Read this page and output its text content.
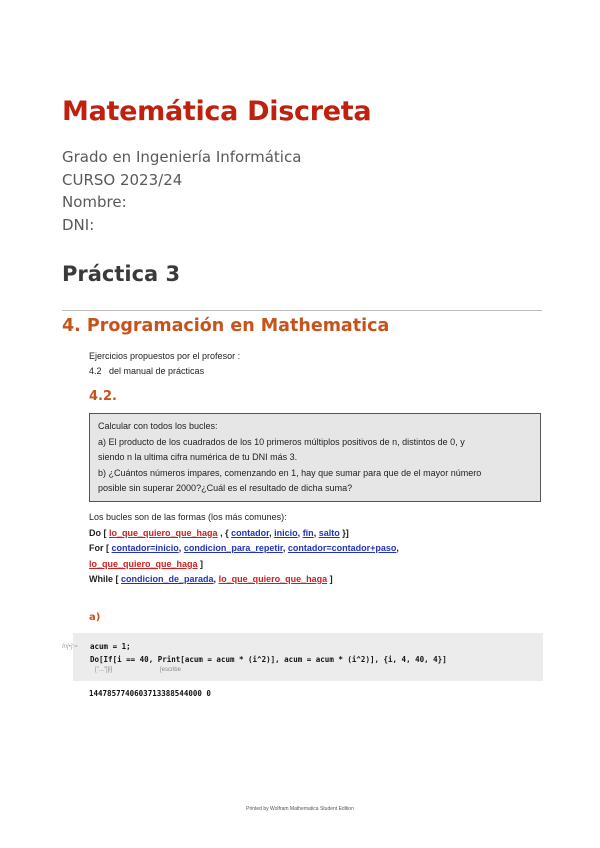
Matemática Discreta
Grado en Ingeniería Informática
CURSO 2023/24
Nombre:
DNI:
Práctica 3
4. Programación en Mathematica
Ejercicios propuestos por el profesor :
4.2   del manual de prácticas
4.2.
Calcular con todos los bucles:
a) El producto de los cuadrados de los 10 primeros múltiplos positivos de n, distintos de 0, y
siendo n la ultima cifra numérica de tu DNI más 3.
b) ¿Cuántos números impares, comenzando en 1, hay que sumar para que de el mayor número
posible sin superar 2000?¿Cuál es el resultado de dicha suma?
Los bucles son de las formas (los más comunes):
Do [ lo_que_quiero_que_haga , { contador, inicio, fin, salto }]
For [ contador=inicio, condicion_para_repetir, contador=contador+paso,
lo_que_quiero_que_haga ]
While [ condicion_de_parada, lo_que_quiero_que_haga ]
a)
acum = 1;
Do[If[i == 40, Print[acum = acum * (i^2)], acum = acum * (i^2)], {i, 4, 40, 4}]
In[•]:=
["..."][i]	[escribe
1447857740603713388544000 0
Printed by Wolfram Mathematica Student Edition
